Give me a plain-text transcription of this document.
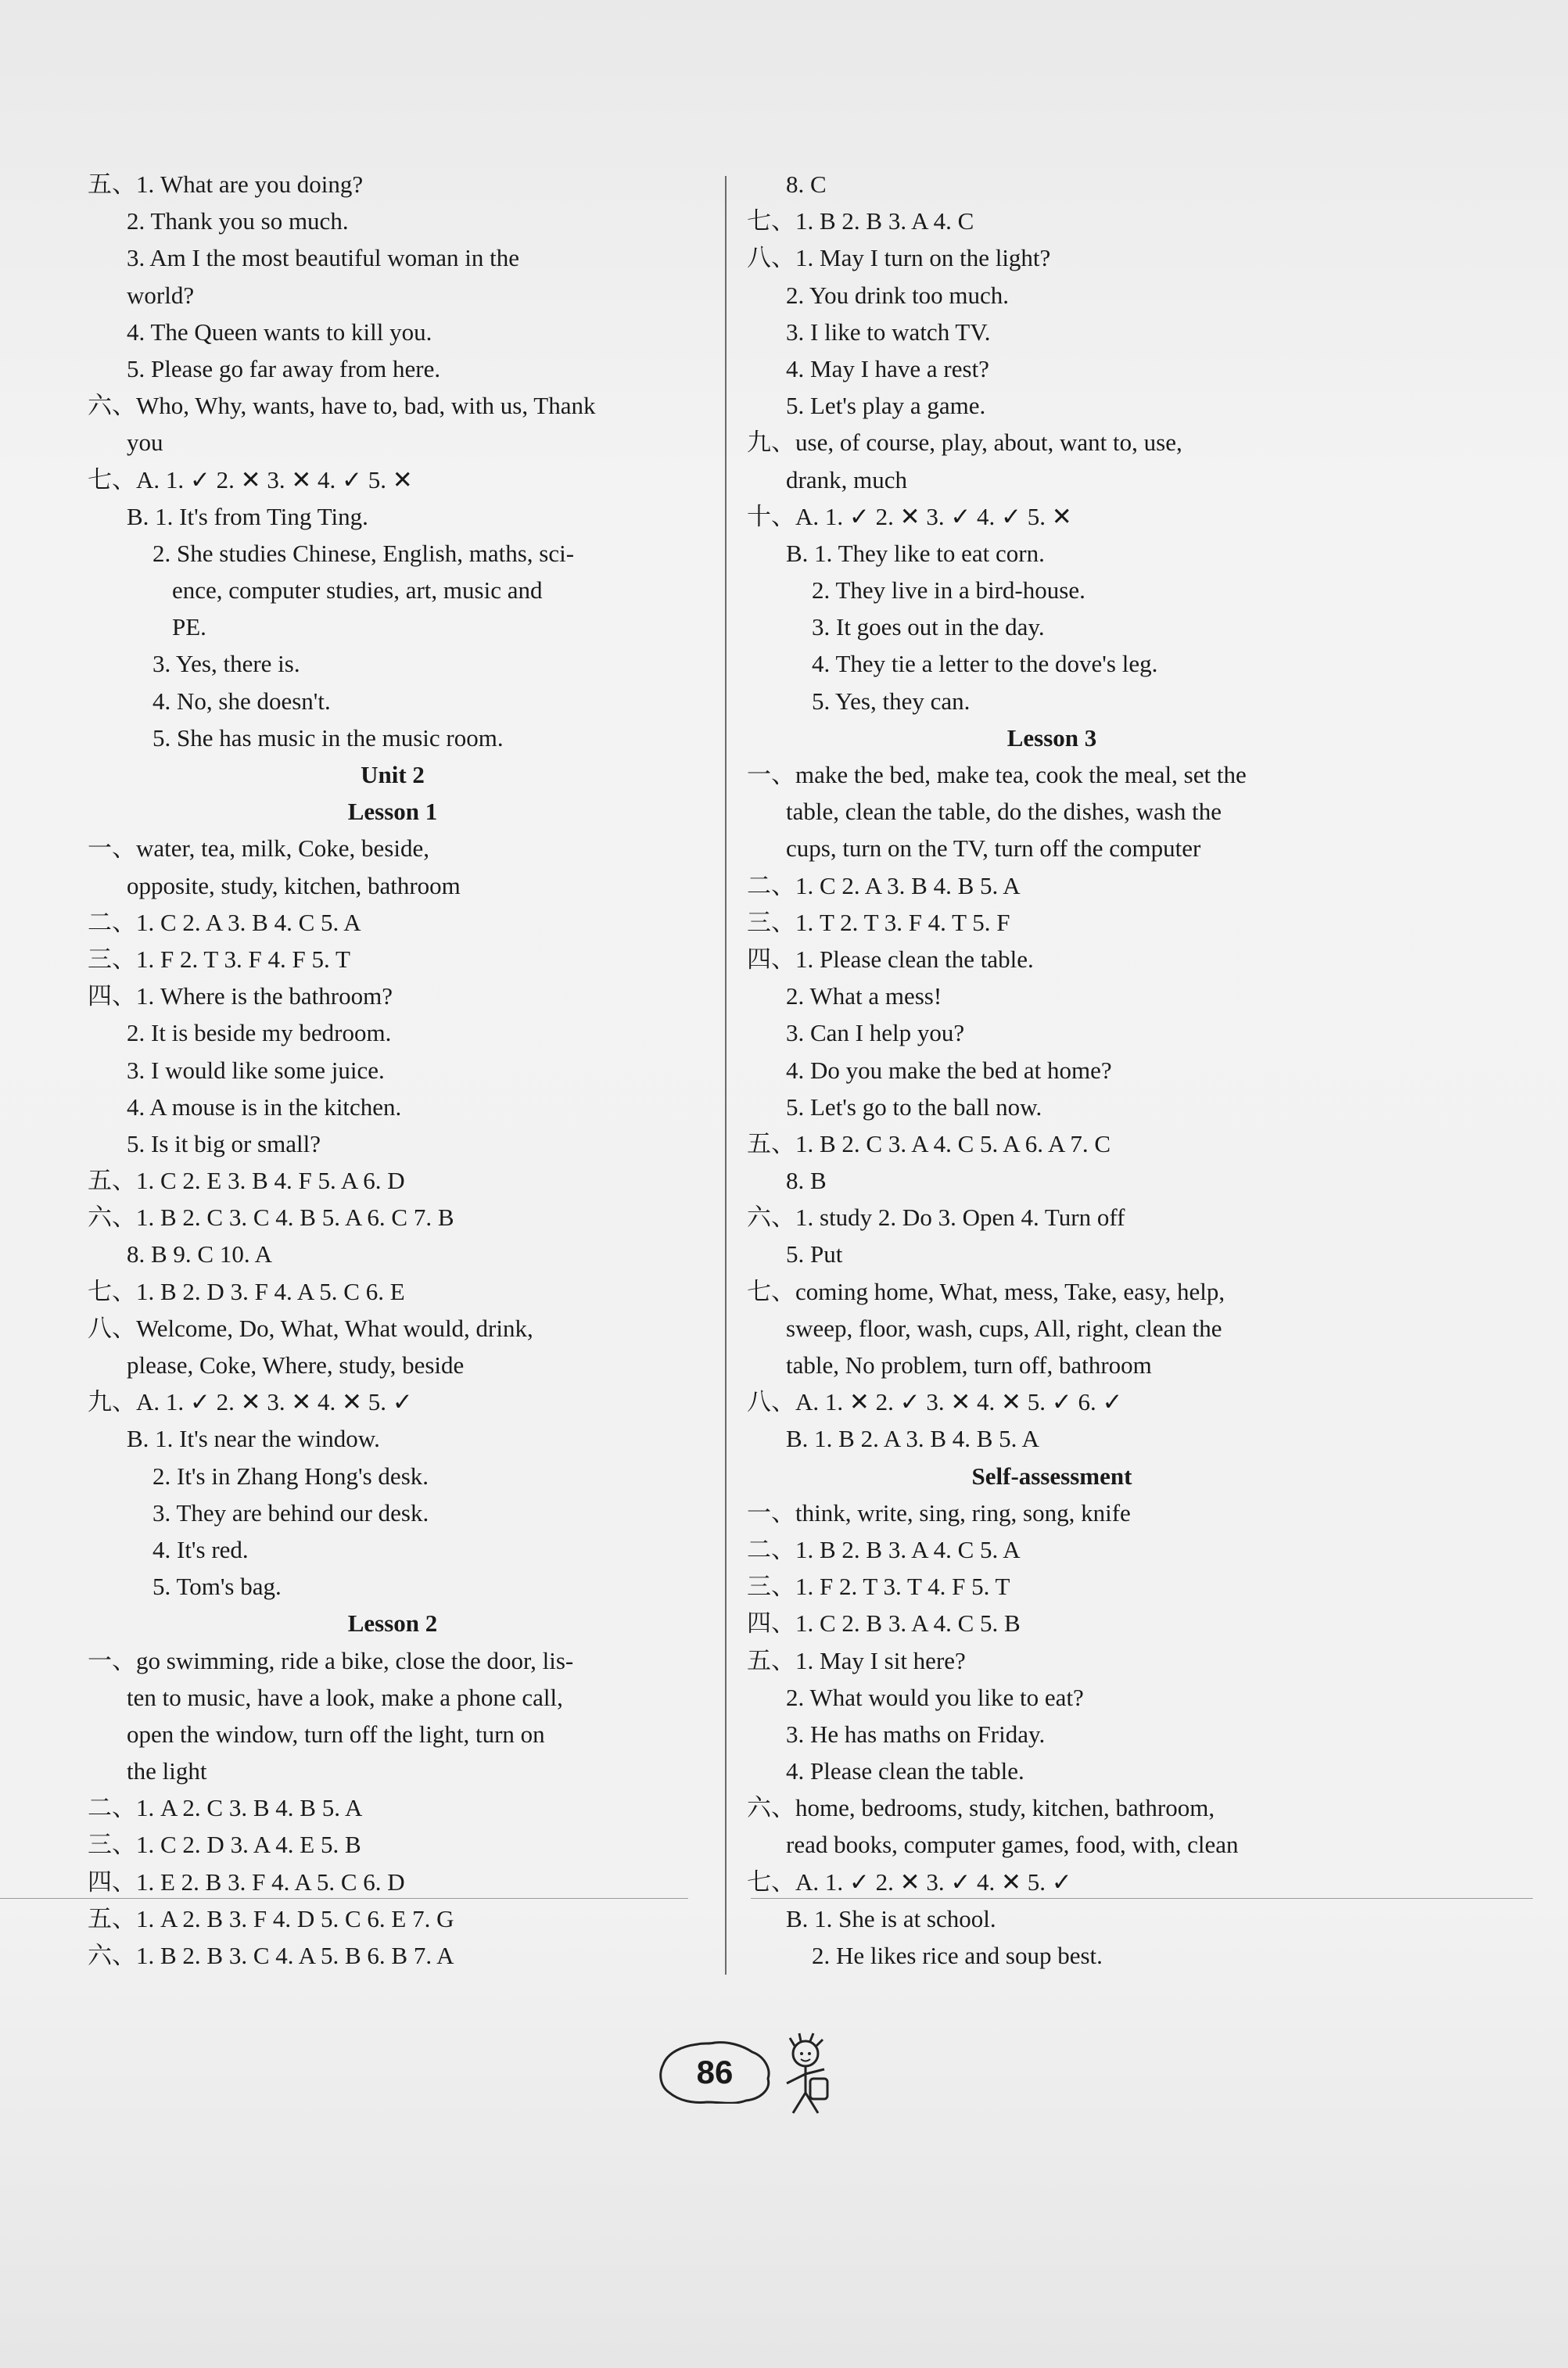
五、1. What are you doing?
2. Thank you so much.
3. Am I the most beautiful woman in the
world?
4. The Queen wants to kill you.
5. Please go far away from here.
六、Who, Why, wants, have to, bad, with us, Thank
you
七、A. 1. ✓ 2. ✕ 3. ✕ 4. ✓ 5. ✕
B. 1. It's from Ting Ting.
2. She studies Chinese, English, maths, sci-
ence, computer studies, art, music and
PE.
3. Yes, there is.
4. No, she doesn't.
5. She has music in the music room.
Unit 2
Lesson 1
一、water, tea, milk, Coke, beside,
opposite, study, kitchen, bathroom
二、1. C 2. A 3. B 4. C 5. A
三、1. F 2. T 3. F 4. F 5. T
四、1. Where is the bathroom?
2. It is beside my bedroom.
3. I would like some juice.
4. A mouse is in the kitchen.
5. Is it big or small?
五、1. C 2. E 3. B 4. F 5. A 6. D
六、1. B 2. C 3. C 4. B 5. A 6. C 7. B
8. B 9. C 10. A
七、1. B 2. D 3. F 4. A 5. C 6. E
八、Welcome, Do, What, What would, drink,
please, Coke, Where, study, beside
九、A. 1. ✓ 2. ✕ 3. ✕ 4. ✕ 5. ✓
B. 1. It's near the window.
2. It's in Zhang Hong's desk.
3. They are behind our desk.
4. It's red.
5. Tom's bag.
Lesson 2
一、go swimming, ride a bike, close the door, lis-
ten to music, have a look, make a phone call,
open the window, turn off the light, turn on
the light
二、1. A 2. C 3. B 4. B 5. A
三、1. C 2. D 3. A 4. E 5. B
四、1. E 2. B 3. F 4. A 5. C 6. D
五、1. A 2. B 3. F 4. D 5. C 6. E 7. G
六、1. B 2. B 3. C 4. A 5. B 6. B 7. A
8. C
七、1. B 2. B 3. A 4. C
八、1. May I turn on the light?
2. You drink too much.
3. I like to watch TV.
4. May I have a rest?
5. Let's play a game.
九、use, of course, play, about, want to, use,
drank, much
十、A. 1. ✓ 2. ✕ 3. ✓ 4. ✓ 5. ✕
B. 1. They like to eat corn.
2. They live in a bird-house.
3. It goes out in the day.
4. They tie a letter to the dove's leg.
5. Yes, they can.
Lesson 3
一、make the bed, make tea, cook the meal, set the
table, clean the table, do the dishes, wash the
cups, turn on the TV, turn off the computer
二、1. C 2. A 3. B 4. B 5. A
三、1. T 2. T 3. F 4. T 5. F
四、1. Please clean the table.
2. What a mess!
3. Can I help you?
4. Do you make the bed at home?
5. Let's go to the ball now.
五、1. B 2. C 3. A 4. C 5. A 6. A 7. C
8. B
六、1. study 2. Do 3. Open 4. Turn off
5. Put
七、coming home, What, mess, Take, easy, help,
sweep, floor, wash, cups, All, right, clean the
table, No problem, turn off, bathroom
八、A. 1. ✕ 2. ✓ 3. ✕ 4. ✕ 5. ✓ 6. ✓
B. 1. B 2. A 3. B 4. B 5. A
Self-assessment
一、think, write, sing, ring, song, knife
二、1. B 2. B 3. A 4. C 5. A
三、1. F 2. T 3. T 4. F 5. T
四、1. C 2. B 3. A 4. C 5. B
五、1. May I sit here?
2. What would you like to eat?
3. He has maths on Friday.
4. Please clean the table.
六、home, bedrooms, study, kitchen, bathroom,
read books, computer games, food, with, clean
七、A. 1. ✓ 2. ✕ 3. ✓ 4. ✕ 5. ✓
B. 1. She is at school.
2. He likes rice and soup best.
86
